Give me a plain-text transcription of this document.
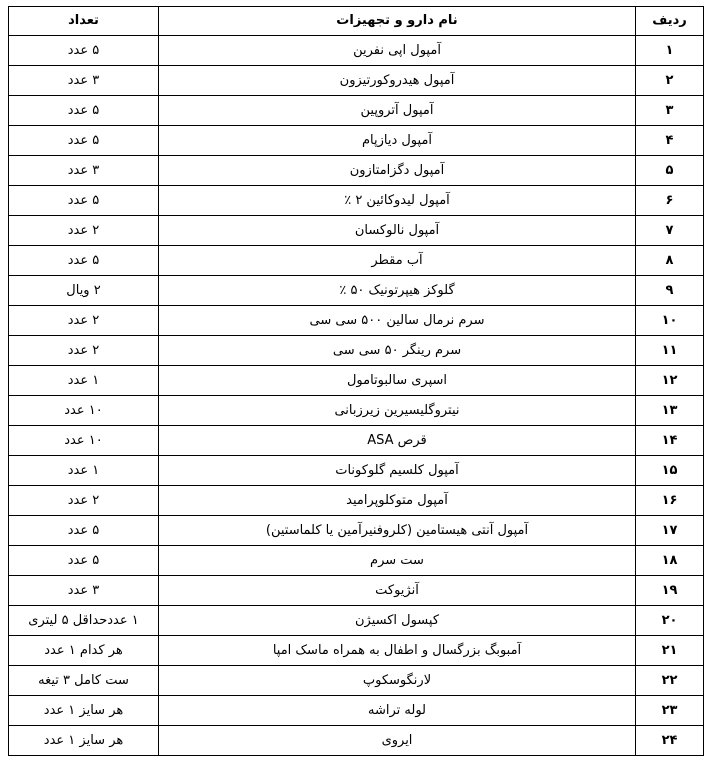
ردیف	نام دارو و تجهیزات	تعداد
۱	آمپول اپی نفرین	۵ عدد
۲	آمپول هیدروکورتیزون	۳ عدد
۳	آمپول آتروپین	۵ عدد
۴	آمپول دیازپام	۵ عدد
۵	آمپول دگزامتازون	۳ عدد
۶	آمپول لیدوکائین ۲ ٪	۵ عدد
۷	آمپول نالوکسان	۲ عدد
۸	آب مقطر	۵ عدد
۹	گلوکز هیپرتونیک ۵۰ ٪	۲ ویال
۱۰	سرم نرمال سالین ۵۰۰ سی سی	۲ عدد
۱۱	سرم رینگر ۵۰ سی سی	۲ عدد
۱۲	اسپری سالبوتامول	۱ عدد
۱۳	نیتروگلیسیرین زیرزبانی	۱۰ عدد
۱۴	قرص ASA	۱۰ عدد
۱۵	آمپول کلسیم گلوکونات	۱ عدد
۱۶	آمپول متوکلوپرامید	۲ عدد
۱۷	آمپول آنتی هیستامین (کلروفنیرآمین یا کلماستین)	۵ عدد
۱۸	ست سرم	۵ عدد
۱۹	آنژیوکت	۳ عدد
۲۰	کپسول اکسیژن	۱ عددحداقل ۵ لیتری
۲۱	آمبوبگ بزرگسال و اطفال به همراه ماسک امپا	هر کدام ۱ عدد
۲۲	لارنگوسکوپ	ست کامل ۳ تیغه
۲۳	لوله تراشه	هر سایز ۱ عدد
۲۴	ایروی	هر سایز ۱ عدد
